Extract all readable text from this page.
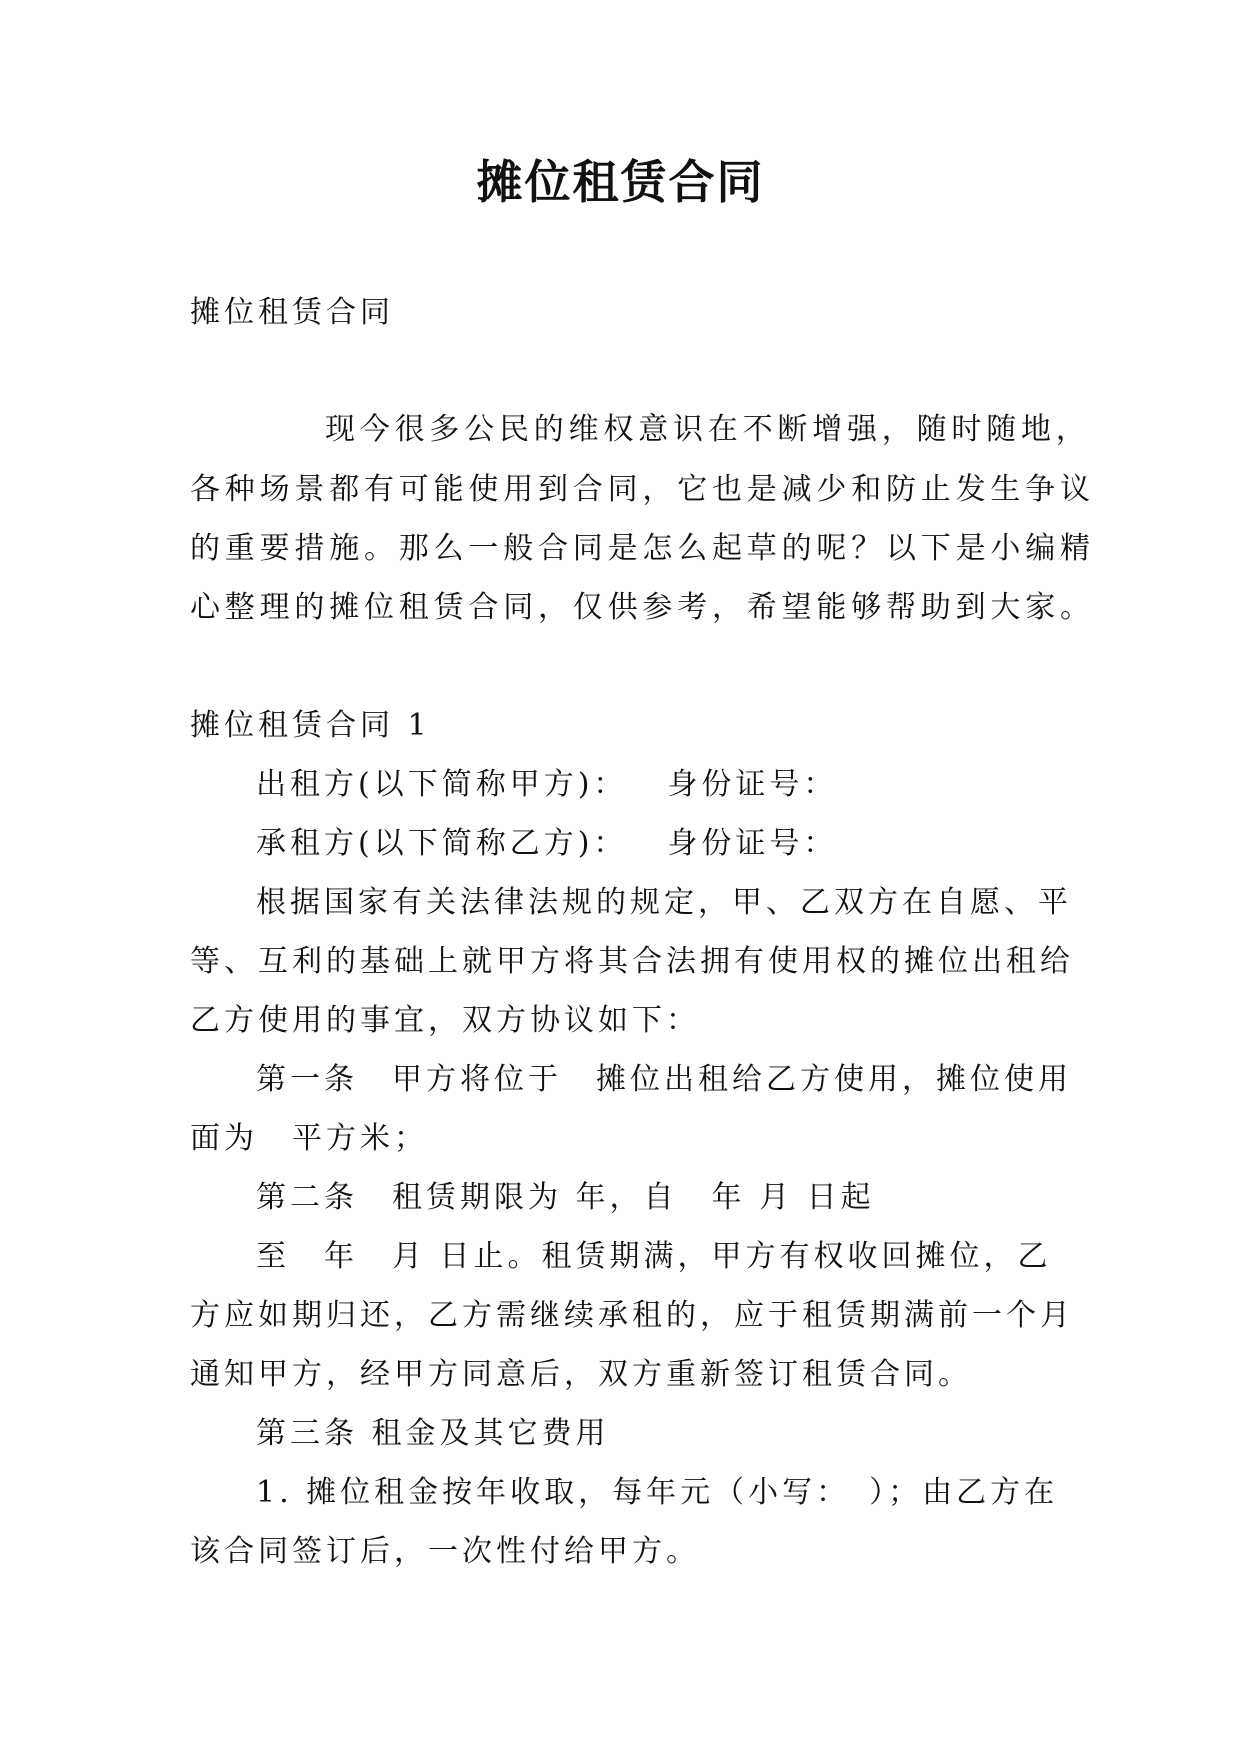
摊位租赁合同
摊位租赁合同
现今很多公民的维权意识在不断增强，随时随地，
各种场景都有可能使用到合同，它也是减少和防止发生争议
的重要措施。那么一般合同是怎么起草的呢？以下是小编精
心整理的摊位租赁合同，仅供参考，希望能够帮助到大家。
摊位租赁合同 1
出租方(以下简称甲方)： 身份证号：
承租方(以下简称乙方)： 身份证号：
根据国家有关法律法规的规定，甲、乙双方在自愿、平
等、互利的基础上就甲方将其合法拥有使用权的摊位出租给
乙方使用的事宜，双方协议如下：
第一条　甲方将位于　摊位出租给乙方使用，摊位使用
面为　平方米；
第二条　租赁期限为 年，自　年 月 日起
至　年　月 日止。租赁期满，甲方有权收回摊位，乙
方应如期归还，乙方需继续承租的，应于租赁期满前一个月
通知甲方，经甲方同意后，双方重新签订租赁合同。
第三条 租金及其它费用
1. 摊位租金按年收取，每年元（小写：　）；由乙方在
该合同签订后，一次性付给甲方。
